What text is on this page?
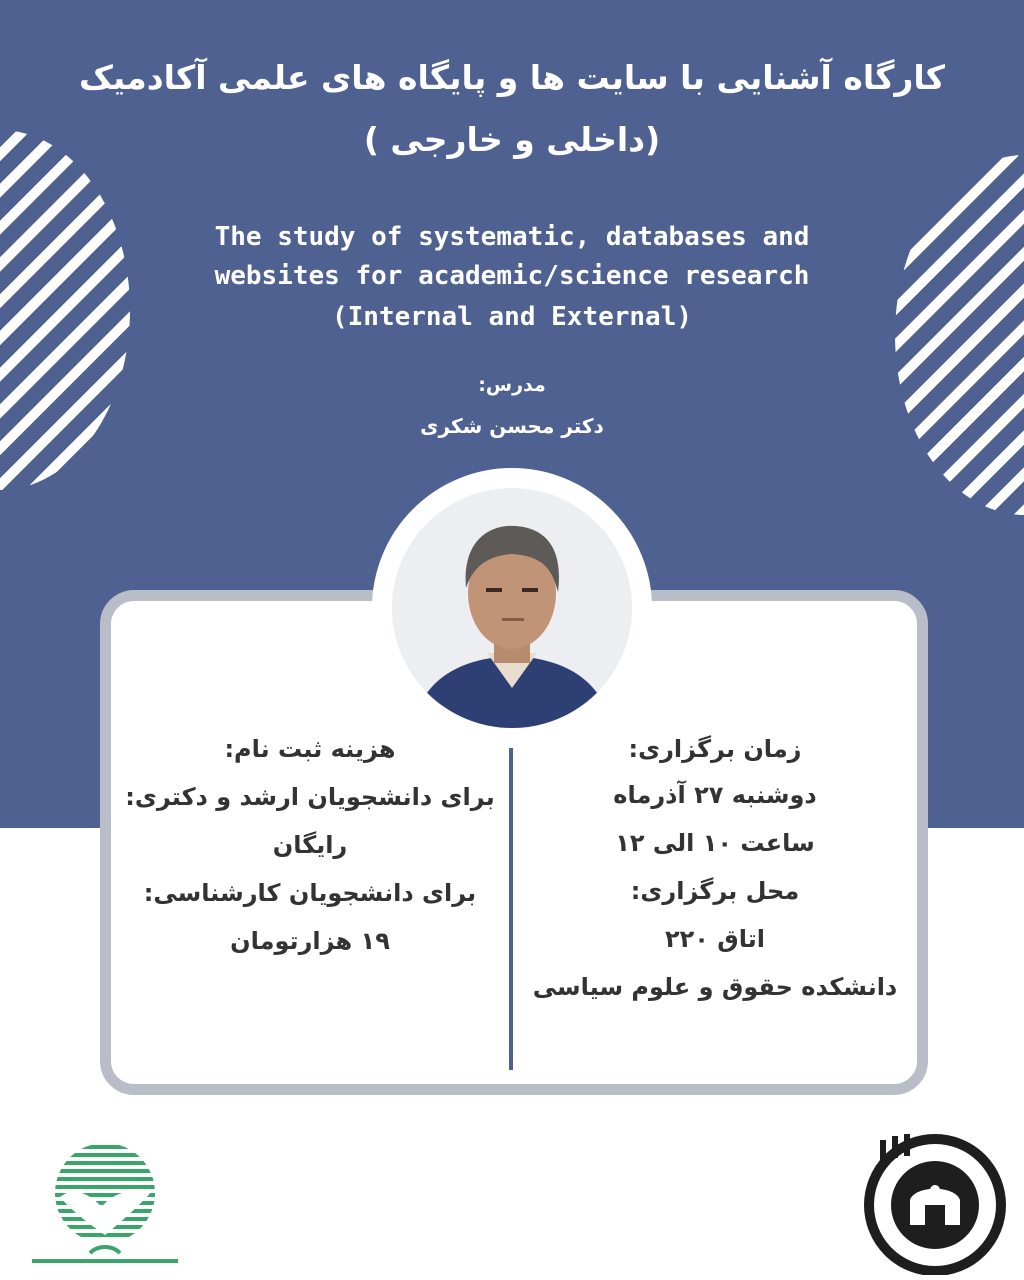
کارگاه آشنایی با سایت ها و پایگاه های علمی آکادمیک
(داخلی و خارجی )
The study of systematic, databases and
websites for academic/science research
(Internal and External)
مدرس:
دکتر محسن شکری
زمان برگزاری:
دوشنبه ۲۷ آذرماه
ساعت ۱۰ الی ۱۲
محل برگزاری:
اتاق ۲۲۰
دانشکده حقوق و علوم سیاسی
هزینه ثبت نام:
برای دانشجویان ارشد و دکتری:
رایگان
برای دانشجویان کارشناسی:
۱۹ هزارتومان
